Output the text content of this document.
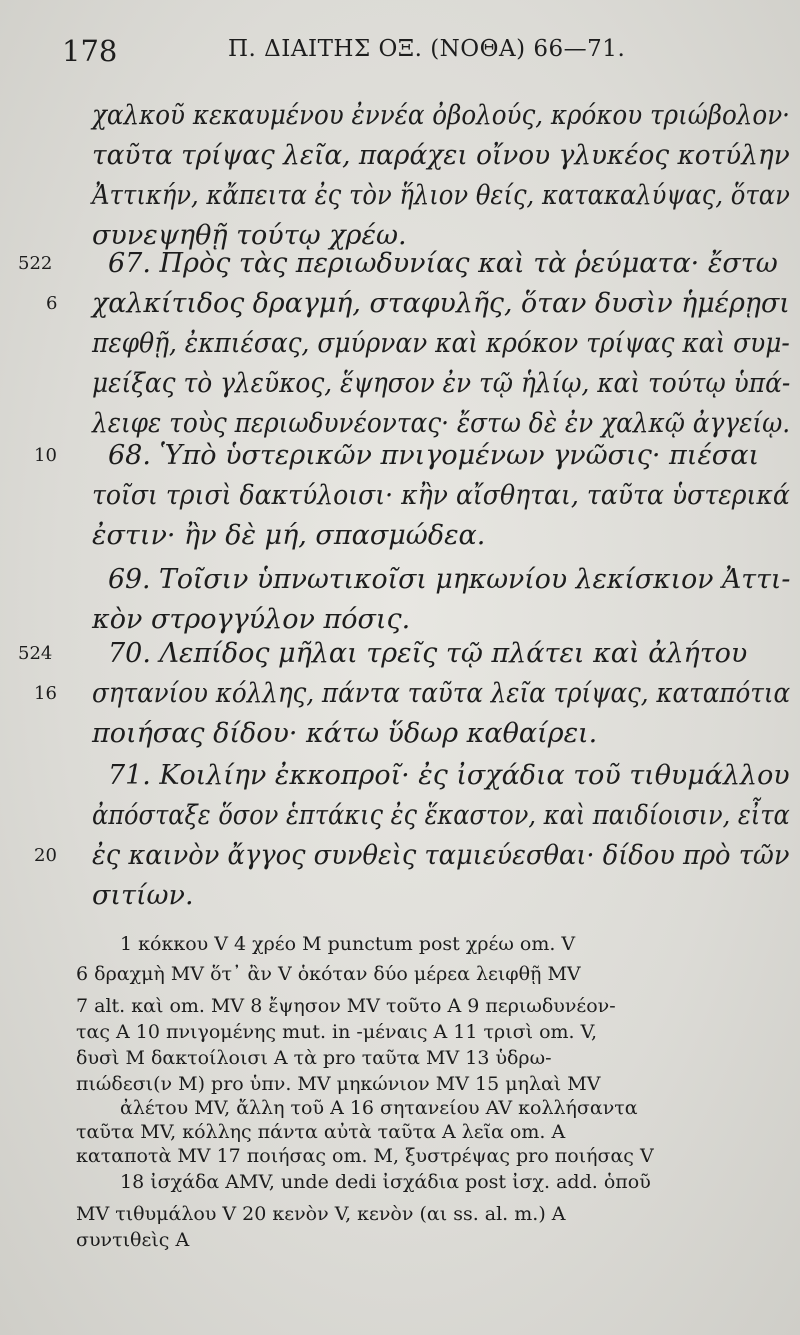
178	Π. ΔΙΑΙΤΗΣ ΟΞ. (ΝΟΘΑ) 66—71.
χαλκοῦ κεκαυμένου ἐννέα ὀβολούς, κρόκου τριώβολον·
ταῦτα τρίψας λεῖα, παράχει οἴνου γλυκέος κοτύλην
Ἀττικήν, κἄπειτα ἐς τὸν ἥλιον θείς, κατακαλύψας, ὅταν
συνεψηθῇ τούτῳ χρέω.
522 67. Πρὸς τὰς περιωδυνίας καὶ τὰ ῥεύματα· ἔστω
6 χαλκίτιδος δραγμή, σταφυλῆς, ὅταν δυσὶν ἡμέρῃσι
πεφθῇ, ἐκπιέσας, σμύρναν καὶ κρόκον τρίψας καὶ συμ-
μείξας τὸ γλεῦκος, ἕψησον ἐν τῷ ἡλίῳ, καὶ τούτῳ ὑπά-
λειφε τοὺς περιωδυνέοντας· ἔστω δὲ ἐν χαλκῷ ἀγγείῳ.
10 68. Ὑπὸ ὑστερικῶν πνιγομένων γνῶσις· πιέσαι
τοῖσι τρισὶ δακτύλοισι· κἢν αἴσθηται, ταῦτα ὑστερικά
ἐστιν· ἢν δὲ μή, σπασμώδεα.
69. Τοῖσιν ὑπνωτικοῖσι μηκωνίου λεκίσκιον Ἀττι-
κὸν στρογγύλον πόσις.
524 70. Λεπίδος μῆλαι τρεῖς τῷ πλάτει καὶ ἀλήτου
16 σητανίου κόλλης, πάντα ταῦτα λεῖα τρίψας, καταπότια
ποιήσας δίδου· κάτω ὕδωρ καθαίρει.
71. Κοιλίην ἐκκοπροῖ· ἐς ἰσχάδια τοῦ τιθυμάλλου
ἀπόσταξε ὅσον ἑπτάκις ἐς ἕκαστον, καὶ παιδίοισιν, εἶτα
20 ἐς καινὸν ἄγγος συνθεὶς ταμιεύεσθαι· δίδου πρὸ τῶν
σιτίων.
1 κόκκου V 4 χρέο M punctum post χρέω om. V
6 δραχμὴ MV ὅτ᾽ ἂν V ὁκόταν δύο μέρεα λειφθῇ MV
7 alt. καὶ om. MV 8 ἔψησον MV τοῦτο A 9 περιωδυνέον-
τας A 10 πνιγομένης mut. in -μέναις A 11 τρισὶ om. V,
δυσὶ M δακτοίλοισι A τὰ pro ταῦτα MV 13 ὑδρω-
πιώδεσι(ν M) pro ὑπν. MV μηκώνιον MV 15 μηλαὶ MV
ἀλέτου MV, ἄλλη τοῦ A 16 σητανείου AV κολλήσαντα
ταῦτα MV, κόλλης πάντα αὐτὰ ταῦτα A λεῖα om. A
καταποτὰ MV 17 ποιήσας om. M, ξυστρέψας pro ποιήσας V
18 ἰσχάδα AMV, unde dedi ἰσχάδια post ἰσχ. add. ὁποῦ
MV τιθυμάλου V 20 κενὸν V, κενὸν (αι ss. al. m.) A
συντιθεὶς A
